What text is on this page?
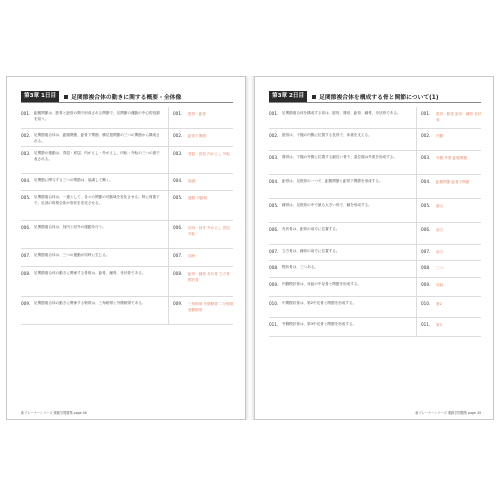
第3章 1日目	足関節複合体の動きに関する概要・全体像
001. 距腿関節は、脛骨と距骨の間で形成される関節で、足関節の運動の中心的役割を担う。
001. 脛骨・距骨
002. 足関節複合体は、距腿関節、距骨下関節、横足根関節の三つの関節から構成される。
002. 距骨下関節
003. 足関節の運動は、背屈・底屈、内がえし・外がえし、内転・外転の三つの面で表される。
003. 背屈・底屈 内がえし 外転
004. 足関節に関与する三つの関節は、協調して働く。	004. 協調
005. 足関節複合体は、一連として、各々の関節の可動域を変化させる。特に荷重下で、足部の骨格全体が形状を変化させる。
005. 連鎖 可動域
006. 足関節複合体は、回内と回外の運動を行う。	006. 回内・回外 外がえし 背屈 外転
007. 足関節複合体は、三つの運動が同時に生じる。	007. 同時
008. 足関節複合体の動きに関係する骨格は、距骨、踵骨、舟状骨である。	008. 距骨・踵骨 舟状骨 立方骨 楔状骨
009. 足関節複合体の動きに関係する靭帯は、三角靭帯と外側靭帯である。	009. 三角靭帯 外側靭帯 二分靭帯 底側靭帯
新ブレーナーシリーズ 運動学問題集 page 48
第3章 2日目	足関節複合体を構成する骨と関節について(1)
001. 足関節複合体を構成する骨は、脛骨、腓骨、距骨、踵骨、舟状骨である。	001. 脛骨・腓骨 距骨・踵骨 舟状骨
002. 脛骨は、下腿の内側に位置する長骨で、体重を支える。	002. 内側
003. 腓骨は、下腿の外側に位置する細長い骨で、遠位端は外果を形成する。	003. 外側 外果 距腿関節
004. 距骨は、足根骨の一つで、距腿関節と距骨下関節を形成する。	004. 距腿関節 距骨下関節
005. 踵骨は、足根骨の中で最も大きい骨で、踵を形成する。	005. 最大
006. 舟状骨は、距骨の前方に位置する。	006. 前方
007. 立方骨は、踵骨の前方に位置する。	007. 前方
008. 楔状骨は、三つある。	008. 三つ
009. 内側楔状骨は、母趾の中足骨と関節を形成する。	009. 母趾
010. 中間楔状骨は、第2中足骨と関節を形成する。	010. 第2
011. 外側楔状骨は、第3中足骨と関節を形成する。	011. 第3
新ブレーナーシリーズ 運動学問題集 page 49
